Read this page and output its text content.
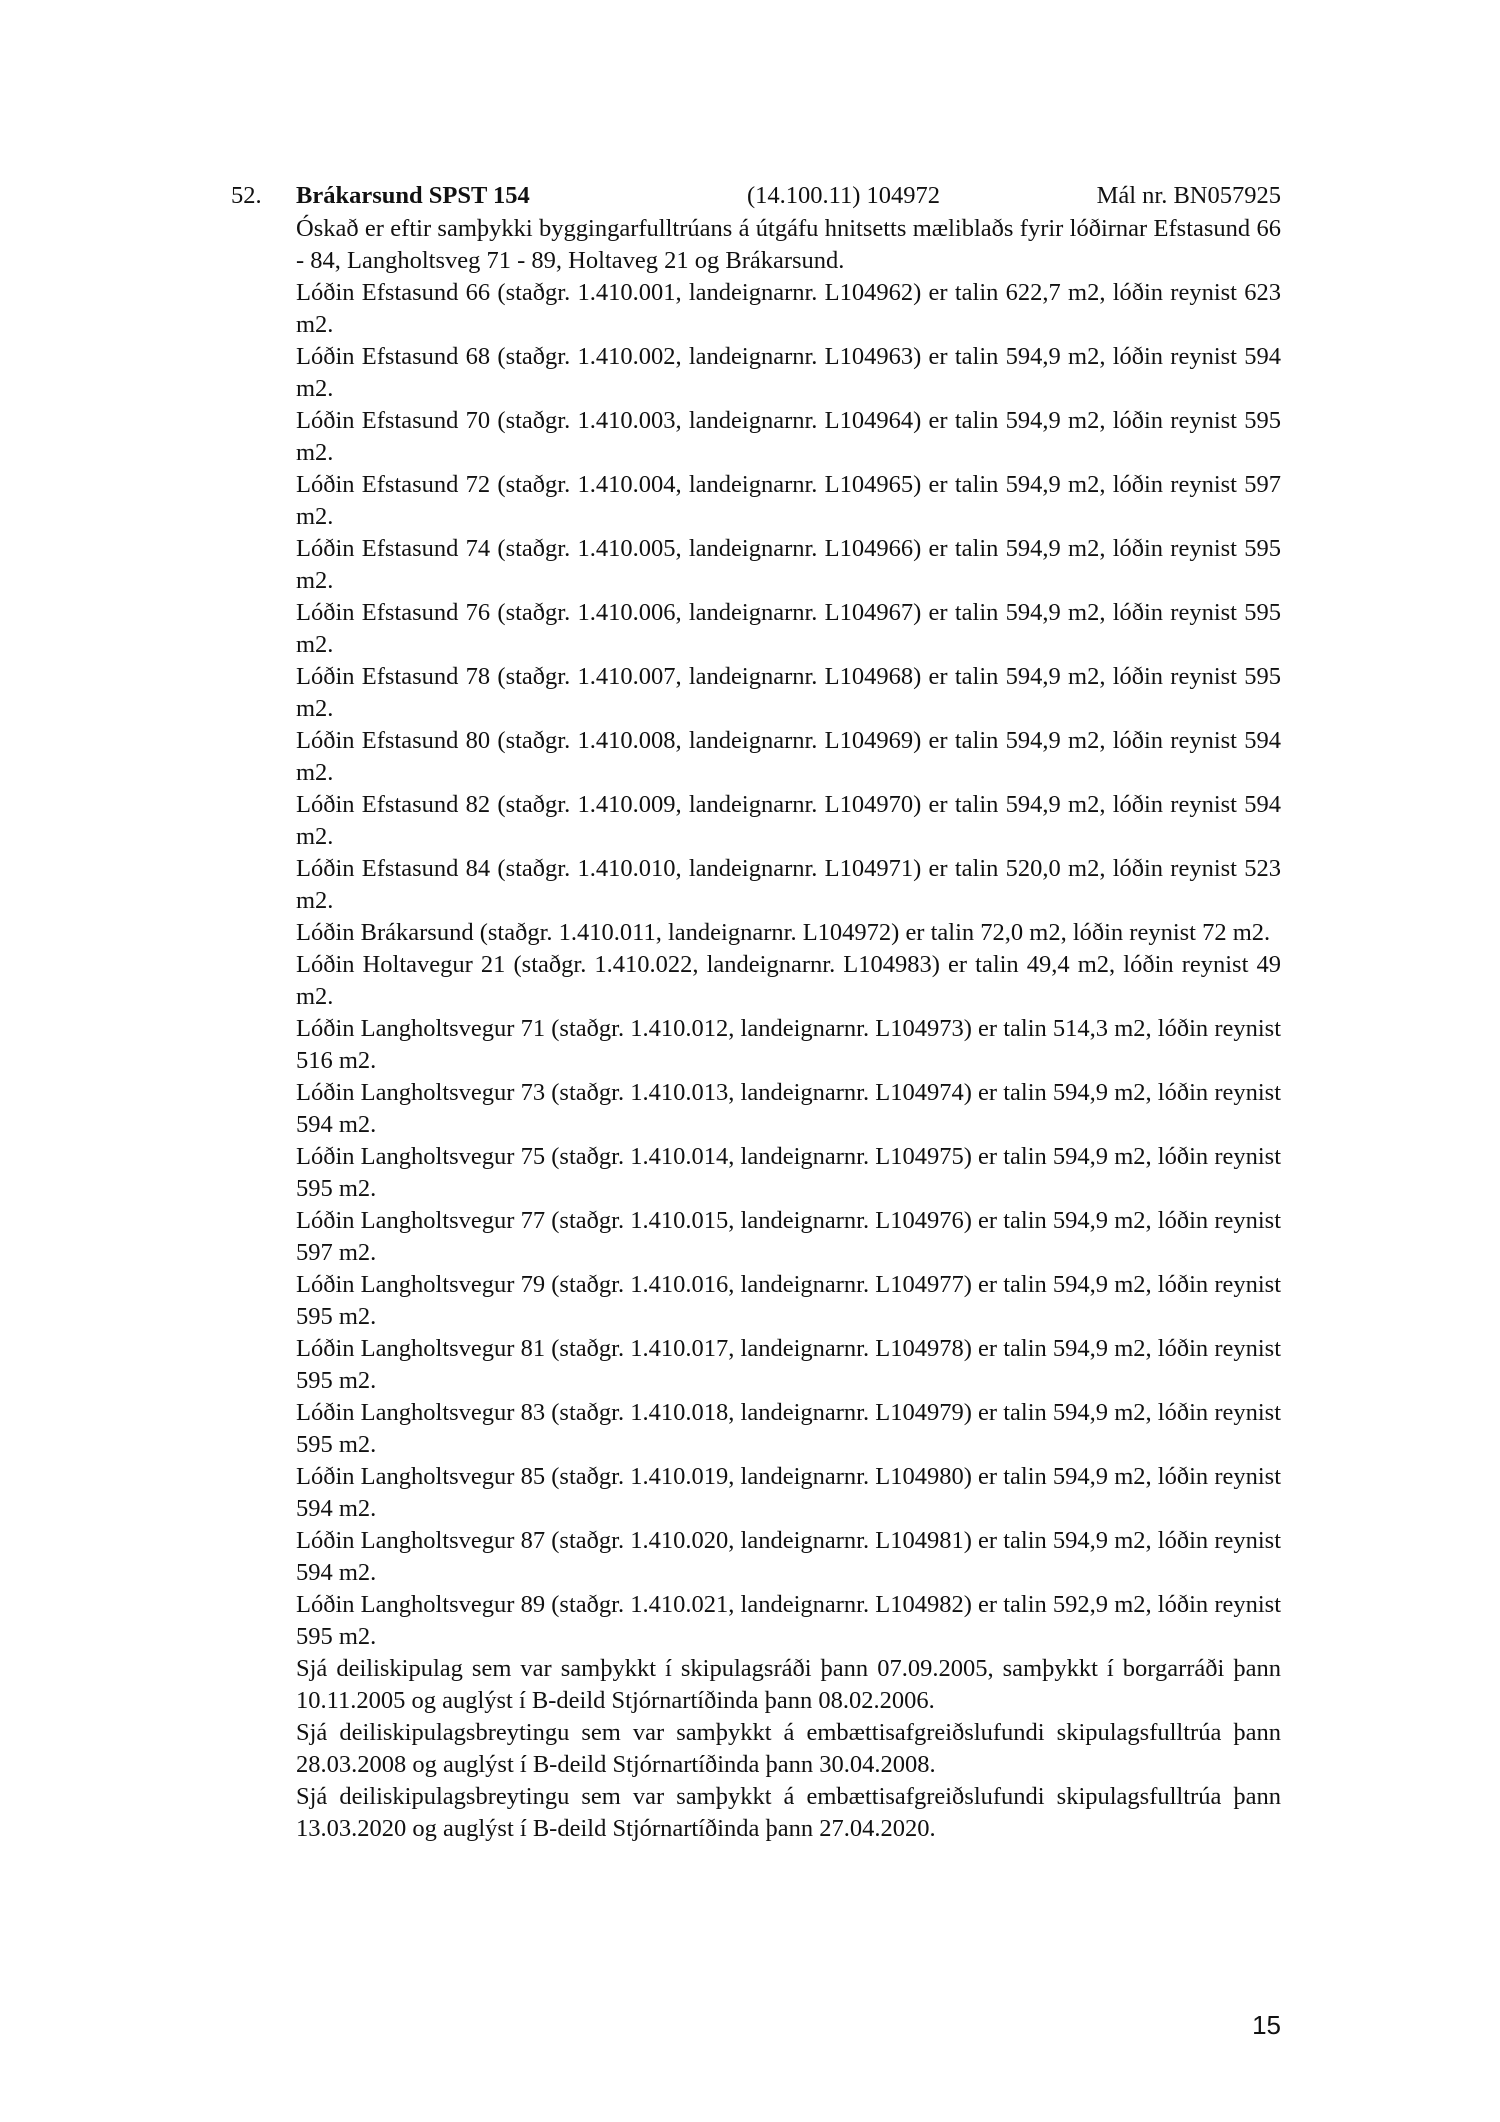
52. Brákarsund SPST 154	(14.100.11) 104972	Mál nr. BN057925

Óskað er eftir samþykki byggingarfulltrúans á útgáfu hnitsetts mæliblaðs fyrir lóðirnar Efstasund 66 - 84, Langholtsveg 71 - 89, Holtaveg 21 og Brákarsund.

Lóðin Efstasund 66 (staðgr. 1.410.001, landeignarnr. L104962) er talin 622,7 m2, lóðin reynist 623 m2.

Lóðin Efstasund 68 (staðgr. 1.410.002, landeignarnr. L104963) er talin 594,9 m2, lóðin reynist 594 m2.

Lóðin Efstasund 70 (staðgr. 1.410.003, landeignarnr. L104964) er talin 594,9 m2, lóðin reynist 595 m2.

Lóðin Efstasund 72 (staðgr. 1.410.004, landeignarnr. L104965) er talin 594,9 m2, lóðin reynist 597 m2.

Lóðin Efstasund 74 (staðgr. 1.410.005, landeignarnr. L104966) er talin 594,9 m2, lóðin reynist 595 m2.

Lóðin Efstasund 76 (staðgr. 1.410.006, landeignarnr. L104967) er talin 594,9 m2, lóðin reynist 595 m2.

Lóðin Efstasund 78 (staðgr. 1.410.007, landeignarnr. L104968) er talin 594,9 m2, lóðin reynist 595 m2.

Lóðin Efstasund 80 (staðgr. 1.410.008, landeignarnr. L104969) er talin 594,9 m2, lóðin reynist 594 m2.

Lóðin Efstasund 82 (staðgr. 1.410.009, landeignarnr. L104970) er talin 594,9 m2, lóðin reynist 594 m2.

Lóðin Efstasund 84 (staðgr. 1.410.010, landeignarnr. L104971) er talin 520,0 m2, lóðin reynist 523 m2.

Lóðin Brákarsund (staðgr. 1.410.011, landeignarnr. L104972) er talin 72,0 m2, lóðin reynist 72 m2.

Lóðin Holtavegur 21 (staðgr. 1.410.022, landeignarnr. L104983) er talin 49,4 m2, lóðin reynist 49 m2.

Lóðin Langholtsvegur 71 (staðgr. 1.410.012, landeignarnr. L104973) er talin 514,3 m2, lóðin reynist 516 m2.

Lóðin Langholtsvegur 73 (staðgr. 1.410.013, landeignarnr. L104974) er talin 594,9 m2, lóðin reynist 594 m2.

Lóðin Langholtsvegur 75 (staðgr. 1.410.014, landeignarnr. L104975) er talin 594,9 m2, lóðin reynist 595 m2.

Lóðin Langholtsvegur 77 (staðgr. 1.410.015, landeignarnr. L104976) er talin 594,9 m2, lóðin reynist 597 m2.

Lóðin Langholtsvegur 79 (staðgr. 1.410.016, landeignarnr. L104977) er talin 594,9 m2, lóðin reynist 595 m2.

Lóðin Langholtsvegur 81 (staðgr. 1.410.017, landeignarnr. L104978) er talin 594,9 m2, lóðin reynist 595 m2.

Lóðin Langholtsvegur 83 (staðgr. 1.410.018, landeignarnr. L104979) er talin 594,9 m2, lóðin reynist 595 m2.

Lóðin Langholtsvegur 85 (staðgr. 1.410.019, landeignarnr. L104980) er talin 594,9 m2, lóðin reynist 594 m2.

Lóðin Langholtsvegur 87 (staðgr. 1.410.020, landeignarnr. L104981) er talin 594,9 m2, lóðin reynist 594 m2.

Lóðin Langholtsvegur 89 (staðgr. 1.410.021, landeignarnr. L104982) er talin 592,9 m2, lóðin reynist 595 m2.

Sjá deiliskipulag sem var samþykkt í skipulagsráði þann 07.09.2005, samþykkt í borgarráði þann 10.11.2005 og auglýst í B-deild Stjórnartíðinda þann 08.02.2006.

Sjá deiliskipulagsbreytingu sem var samþykkt á embættisafgreiðslufundi skipulagsfulltrúa þann 28.03.2008 og auglýst í B-deild Stjórnartíðinda þann 30.04.2008.

Sjá deiliskipulagsbreytingu sem var samþykkt á embættisafgreiðslufundi skipulagsfulltrúa þann 13.03.2020 og auglýst í B-deild Stjórnartíðinda þann 27.04.2020.

15
